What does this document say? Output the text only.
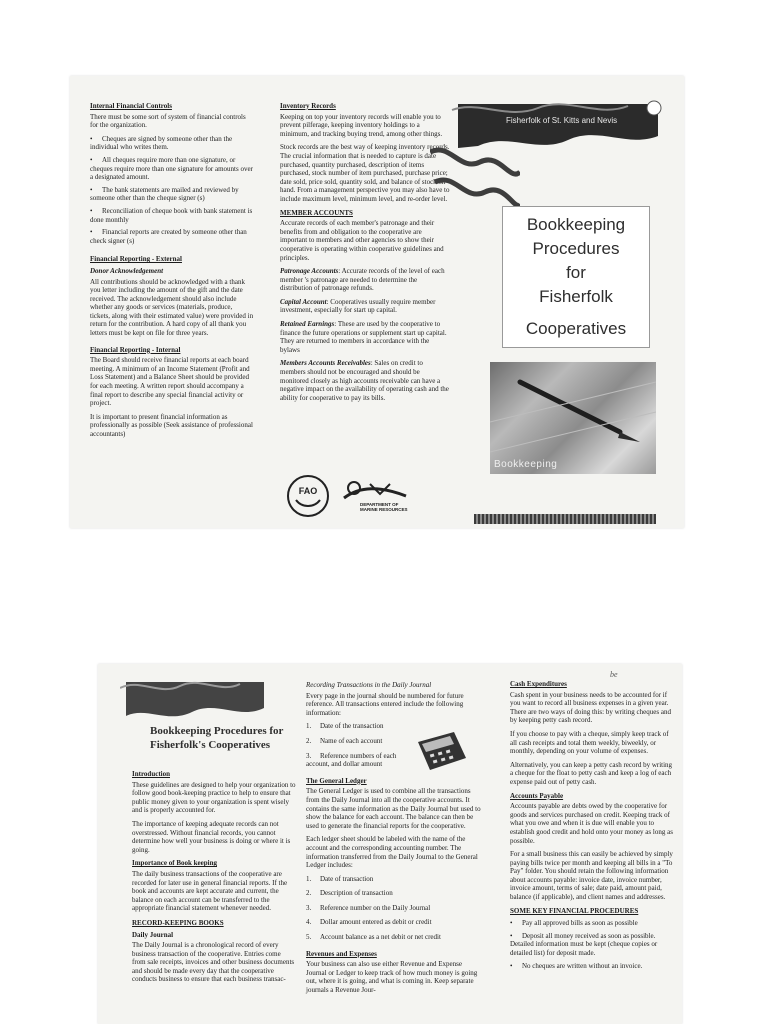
Internal Financial Controls

There must be some sort of system of financial controls for the organization.

• Cheques are signed by someone other than the individual who writes them.
• All cheques require more than one signature, or cheques require more than one signature for amounts over a designated amount.
• The bank statements are mailed and reviewed by someone other than the cheque signer (s)
• Reconciliation of cheque book with bank statement is done monthly
• Financial reports are created by someone other than check signer (s)
Financial Reporting - External
Donor Acknowledgement

All contributions should be acknowledged with a thank you letter including the amount of the gift and the date received. The acknowledgement should also include whether any goods or services (materials, produce, tickets, along with their estimated value) were provided in return for the contribution. A hard copy of all thank you letters must be kept on file for three years.

Financial Reporting - Internal

The Board should receive financial reports at each board meeting. A minimum of an Income Statement (Profit and Loss Statement) and a Balance Sheet should be provided for each meeting. A written report should accompany a final report to describe any special financial activity or project.

It is important to present financial information as professionally as possible (Seek assistance of professional accountants)

Inventory Records

Keeping on top your inventory records will enable you to prevent pilferage, keeping inventory holdings to a minimum, and tracking buying trend, among other things.

Stock records are the best way of keeping inventory records. The crucial information that is needed to capture is date purchased, quantity purchased, description of items purchased, stock number of item purchased, purchase price; date sold, price sold, quantity sold, and balance of stock on hand. From a management perspective you may also have to include maximum level, minimum level, and re-order level.

MEMBER ACCOUNTS

Accurate records of each member's patronage and their benefits from and obligation to the cooperative are important to members and other agencies to show their cooperative is operating within cooperative guidelines and principles.

Patronage Accounts: Accurate records of the level of each member 's patronage are needed to determine the distribution of patronage refunds.

Capital Account: Cooperatives usually require member investment, especially for start up capital.

Retained Earnings: These are used by the cooperative to finance the future operations or supplement start up capital. They are returned to members in accordance with the bylaws

Members Accounts Receivables: Sales on credit to members should not be encouraged and should be monitored closely as high accounts receivable can have a negative impact on the availability of operating cash and the ability for cooperative to pay its bills.

Fisherfolk of St. Kitts and Nevis
Bookkeeping
Procedures
for
Fisherfolk
Cooperatives
Bookkeeping
FAO
DEPARTMENT OF
MARINE RESOURCES
Bookkeeping Procedures for
Fisherfolk's Cooperatives
Introduction

These guidelines are designed to help your organization to follow good book-keeping practice to help to ensure that public money given to your organization is spent wisely and is properly accounted for.

The importance of keeping adequate records can not overstressed. Without financial records, you cannot determine how well your business is doing or where it is going.

Importance of Book keeping

The daily business transactions of the cooperative are recorded for later use in general financial reports. If the book and accounts are kept accurate and current, the balance on each account can be transferred to the appropriate financial statement whenever needed.

RECORD-KEEPING BOOKS
Daily Journal

The Daily Journal is a chronological record of every business transaction of the cooperative. Entries come from sale receipts, invoices and other business documents and should be made every day that the cooperative conducts business to ensure that each business transac-

Recording Transactions in the Daily Journal

Every page in the journal should be numbered for future reference. All transactions entered include the following information:

1. Date of the transaction
2. Name of each account
3. Reference numbers of each account, and dollar amount
The General Ledger

The General Ledger is used to combine all the transactions from the Daily Journal into all the cooperative accounts. It contains the same information as the Daily Journal but used to show the balance for each account. The balance can then be used to generate the financial reports for the cooperative.

Each ledger sheet should be labeled with the name of the account and the corresponding accounting number. The information transferred from the Daily Journal to the General Ledger includes:

1. Date of transaction
2. Description of transaction
3. Reference number on the Daily Journal
4. Dollar amount entered as debit or credit
5. Account balance as a net debit or net credit
Revenues and Expenses

Your business can also use either Revenue and Expense Journal or Ledger to keep track of how much money is going out, where it is going, and what is coming in. Keep separate journals a Revenue Jour-

Cash Expenditures

Cash spent in your business needs to be accounted for if you want to record all business expenses in a given year. There are two ways of doing this: by writing cheques and by keeping petty cash record.

If you choose to pay with a cheque, simply keep track of all cash receipts and total them weekly, biweekly, or monthly, depending on your volume of expenses.

Alternatively, you can keep a petty cash record by writing a cheque for the float to petty cash and keep a log of each expense paid out of petty cash.

Accounts Payable

Accounts payable are debts owed by the cooperative for goods and services purchased on credit. Keeping track of what you owe and when it is due will enable you to establish good credit and hold onto your money as long as possible.

For a small business this can easily be achieved by simply paying bills twice per month and keeping all bills in a "To Pay" folder. You should retain the following information about accounts payable: invoice date, invoice number, invoice amount, terms of sale; date paid, amount paid, balance (if applicable), and client names and addresses.

SOME KEY FINANCIAL PROCEDURES
• Pay all approved bills as soon as possible
• Deposit all money received as soon as possible. Detailed information must be kept (cheque copies or detailed list) for deposit made.
• No cheques are written without an invoice.
be
